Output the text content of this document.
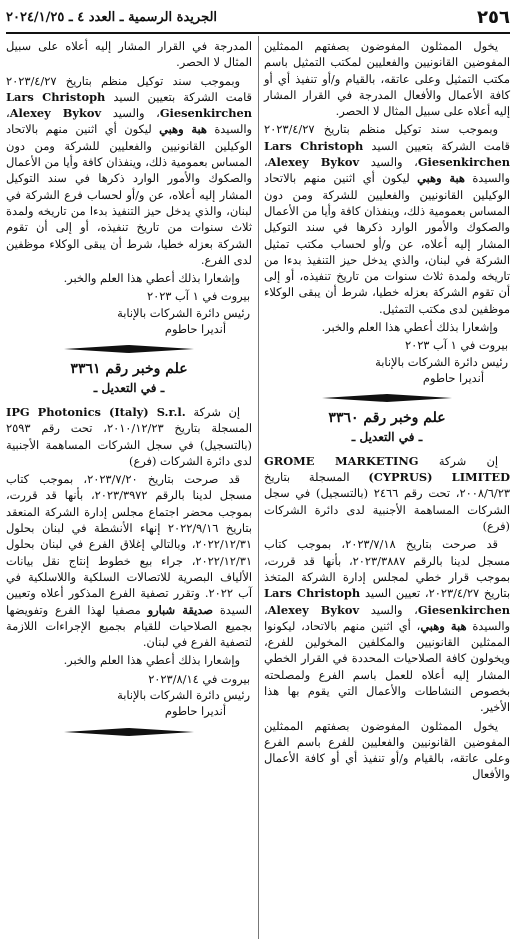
٢٥٦
الجريدة الرسمية ـ العدد ٤ ـ ٢٠٢٤/١/٢٥

يخول الممثلون المفوضون بصفتهم الممثلين المفوضين القانونيين والفعليين لمكتب التمثيل باسم مكتب التمثيل وعلى عاتقه، بالقيام و/أو تنفيذ أي أو كافة الأعمال والأفعال المدرجة في القرار المشار إليه أعلاه على سبيل المثال لا الحصر.

وبموجب سند توكيل منظم بتاريخ ٢٠٢٣/٤/٢٧ قامت الشركة بتعيين السيد Lars Christoph Giesenkirchen، والسيد Alexey Bykov، والسيدة هبة وهبي ليكون أي اثنين منهم بالاتحاد الوكيلين القانونيين والفعليين للشركة ومن دون المساس بعمومية ذلك، وينفذان كافة وأيا من الأعمال والصكوك والأمور الوارد ذكرها في سند التوكيل المشار إليه أعلاه، عن و/أو لحساب مكتب تمثيل الشركة في لبنان، والذي يدخل حيز التنفيذ بدءا من تاريخه ولمدة ثلاث سنوات من تاريخ تنفيذه، أو إلى أن تقوم الشركة بعزله خطيا، شرط أن يبقى الوكلاء موظفين لدى مكتب التمثيل.

وإشعارا بذلك أعطي هذا العلم والخبر.

بيروت في ١ آب ٢٠٢٣

رئيس دائرة الشركات بالإنابة

أنديرا حاطوم

علم وخبر رقم ٣٣٦٠
ـ في التعديل ـ

إن شركة GROME MARKETING (CYPRUS) LIMITED المسجلة بتاريخ ٢٠٠٨/٦/٢٣، تحت رقم ٢٤٦٦ (بالتسجيل) في سجل الشركات المساهمة الأجنبية لدى دائرة الشركات (فرع)

قد صرحت بتاريخ ٢٠٢٣/٧/١٨، بموجب كتاب مسجل لدينا بالرقم ٢٠٢٣/٣٨٨٧، بأنها قد قررت، بموجب قرار خطي لمجلس إدارة الشركة المتخذ بتاريخ ٢٠٢٣/٤/٢٧، تعيين السيد Lars Christoph Giesenkirchen، والسيد Alexey Bykov، والسيدة هبة وهبي، أي اثنين منهم بالاتحاد، ليكونوا الممثلين القانونيين والمكلفين المخولين للفرع، ويخولون كافة الصلاحيات المحددة في القرار الخطي المشار إليه أعلاه للعمل باسم الفرع ولمصلحته بخصوص النشاطات والأعمال التي يقوم بها هذا الأخير.

يخول الممثلون المفوضون بصفتهم الممثلين المفوضين القانونيين والفعليين للفرع باسم الفرع وعلى عاتقه، بالقيام و/أو تنفيذ أي أو كافة الأعمال والأفعال

المدرجة في القرار المشار إليه أعلاه على سبيل المثال لا الحصر.

وبموجب سند توكيل منظم بتاريخ ٢٠٢٣/٤/٢٧ قامت الشركة بتعيين السيد Lars Christoph Giesenkirchen، والسيد Alexey Bykov، والسيدة هبة وهبي ليكون أي اثنين منهم بالاتحاد الوكيلين القانونيين والفعليين للشركة ومن دون المساس بعمومية ذلك، وينفذان كافة وأيا من الأعمال والصكوك والأمور الوارد ذكرها في سند التوكيل المشار إليه أعلاه، عن و/أو لحساب فرع الشركة في لبنان، والذي يدخل حيز التنفيذ بدءا من تاريخه ولمدة ثلاث سنوات من تاريخ تنفيذه، أو إلى أن تقوم الشركة بعزله خطيا، شرط أن يبقى الوكلاء موظفين لدى الفرع.

وإشعارا بذلك أعطي هذا العلم والخبر.

بيروت في ١ آب ٢٠٢٣

رئيس دائرة الشركات بالإنابة

أنديرا حاطوم

علم وخبر رقم ٣٣٦١
ـ في التعديل ـ

إن شركة IPG Photonics (Italy) S.r.l. المسجلة بتاريخ ٢٠١٠/١٢/٢٣، تحت رقم ٢٥٩٣ (بالتسجيل) في سجل الشركات المساهمة الأجنبية لدى دائرة الشركات (فرع)

قد صرحت بتاريخ ٢٠٢٣/٧/٢٠، بموجب كتاب مسجل لدينا بالرقم ٢٠٢٣/٣٩٧٢، بأنها قد قررت، بموجب محضر اجتماع مجلس إدارة الشركة المنعقد بتاريخ ٢٠٢٢/٩/١٦ إنهاء الأنشطة في لبنان بحلول ٢٠٢٢/١٢/٣١، وبالتالي إغلاق الفرع في لبنان بحلول ٢٠٢٢/١٢/٣١، جراء بيع خطوط إنتاج نقل بيانات الألياف البصرية للاتصالات السلكية واللاسلكية في آب ٢٠٢٢. وتقرر تصفية الفرع المذكور أعلاه وتعيين السيدة صديقة شبارو مصفيا لهذا الفرع وتفويضها بجميع الصلاحيات للقيام بجميع الإجراءات اللازمة لتصفية الفرع في لبنان.

وإشعارا بذلك أعطي هذا العلم والخبر.

بيروت في ٢٠٢٣/٨/١٤

رئيس دائرة الشركات بالإنابة

أنديرا حاطوم
